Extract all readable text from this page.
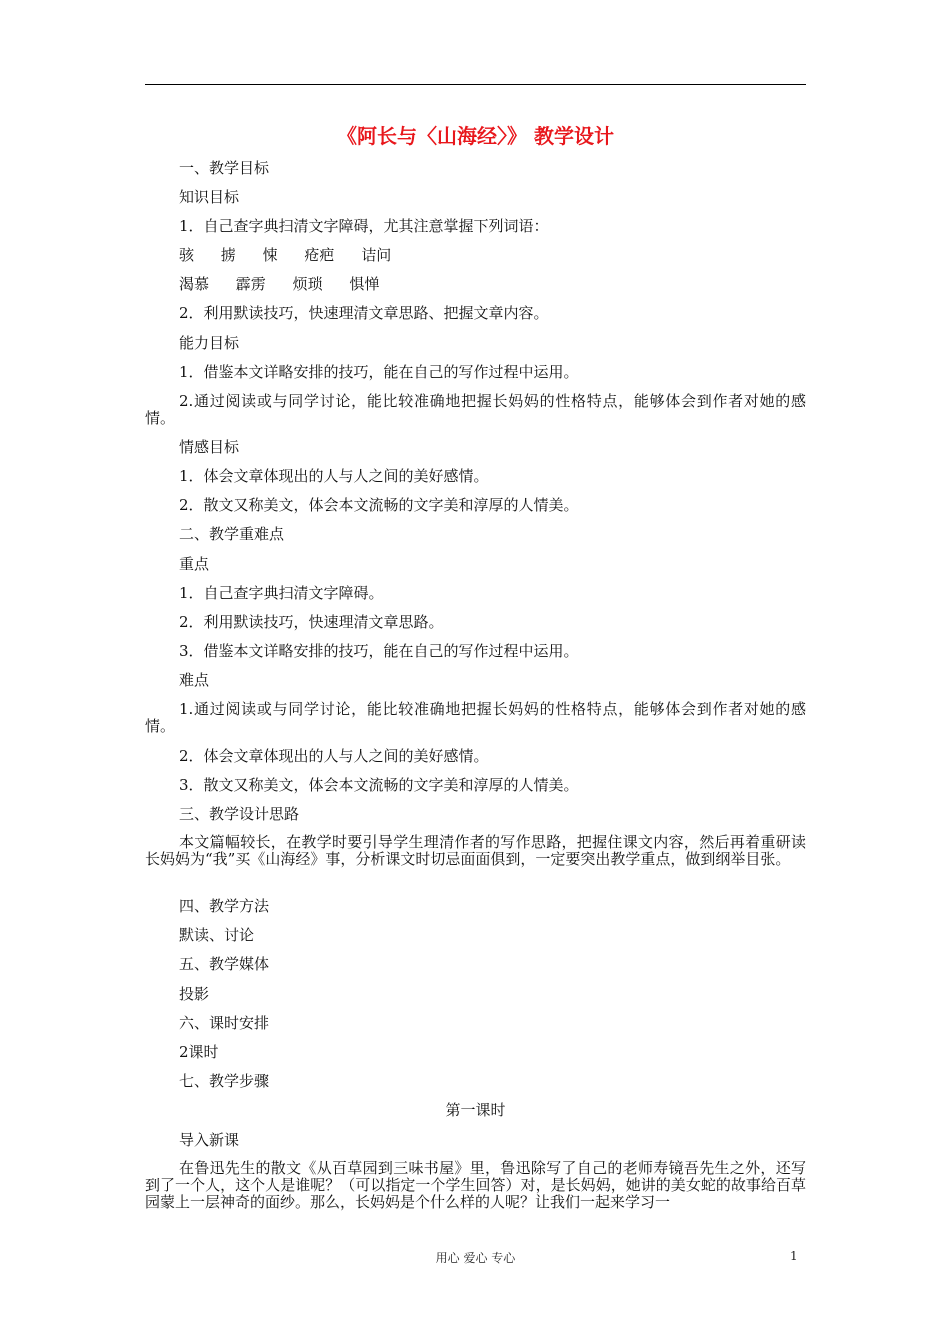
《阿长与〈山海经〉》 教学设计
一、教学目标
知识目标
1．自己查字典扫清文字障碍，尤其注意掌握下列词语：
骇 掳 悚 疮疤 诘问
渴慕 霹雳 烦琐 惧惮
2．利用默读技巧，快速理清文章思路、把握文章内容。
能力目标
1．借鉴本文详略安排的技巧，能在自己的写作过程中运用。
2.通过阅读或与同学讨论，能比较准确地把握长妈妈的性格特点，能够体会到作者对她的感情。
情感目标
1．体会文章体现出的人与人之间的美好感情。
2．散文又称美文，体会本文流畅的文字美和淳厚的人情美。
二、教学重难点
重点
1．自己查字典扫清文字障碍。
2．利用默读技巧，快速理清文章思路。
3．借鉴本文详略安排的技巧，能在自己的写作过程中运用。
难点
1.通过阅读或与同学讨论，能比较准确地把握长妈妈的性格特点，能够体会到作者对她的感情。
2．体会文章体现出的人与人之间的美好感情。
3．散文又称美文，体会本文流畅的文字美和淳厚的人情美。
三、教学设计思路
本文篇幅较长，在教学时要引导学生理清作者的写作思路，把握住课文内容，然后再着重研读长妈妈为“我”买《山海经》事，分析课文时切忌面面俱到，一定要突出教学重点，做到纲举目张。
四、教学方法
默读、讨论
五、教学媒体
投影
六、课时安排
2课时
七、教学步骤
第一课时
导入新课
在鲁迅先生的散文《从百草园到三味书屋》里，鲁迅除写了自己的老师寿镜吾先生之外，还写到了一个人，这个人是谁呢？（可以指定一个学生回答）对，是长妈妈，她讲的美女蛇的故事给百草园蒙上一层神奇的面纱。那么，长妈妈是个什么样的人呢？让我们一起来学习一
用心 爱心 专心	1
